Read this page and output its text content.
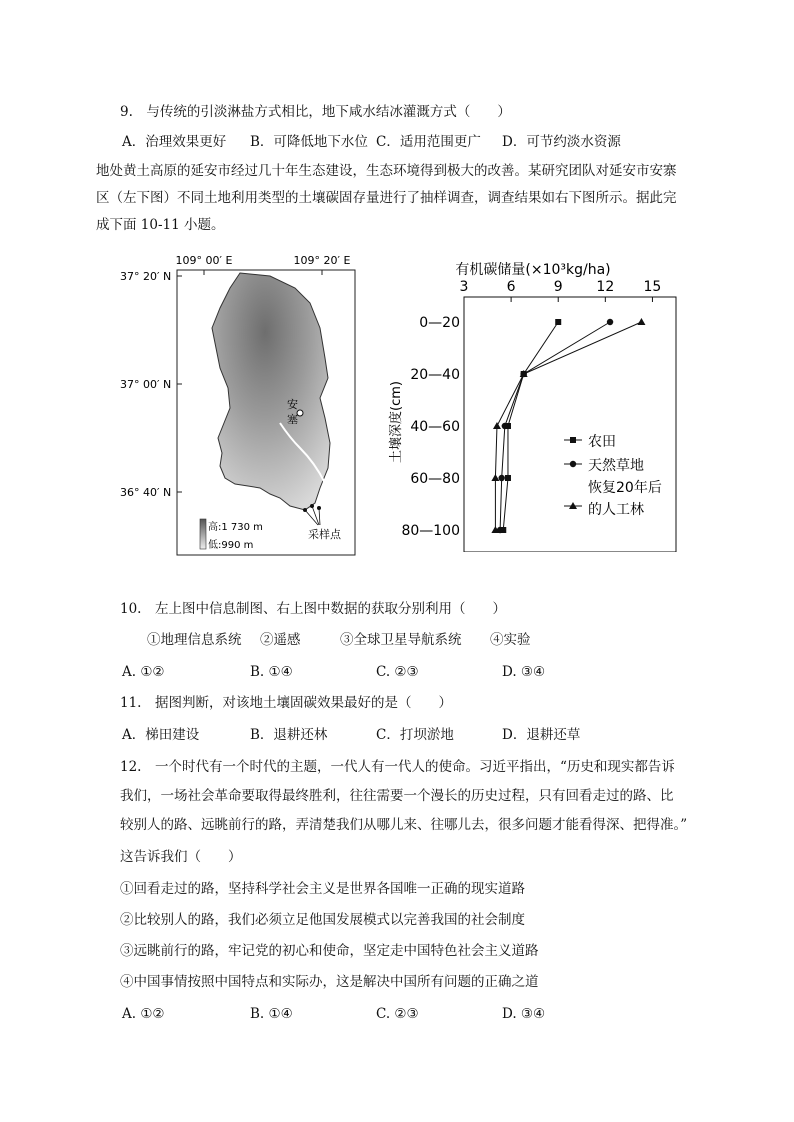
9.　与传统的引淡淋盐方式相比，地下咸水结冰灌溉方式（　　）
A．治理效果更好 B．可降低地下水位 C．适用范围更广 D．可节约淡水资源
地处黄土高原的延安市经过几十年生态建设，生态环境得到极大的改善。某研究团队对延安市安寨
区（左下图）不同土地利用类型的土壤碳固存量进行了抽样调查，调查结果如右下图所示。据此完
成下面 10-11 小题。
109° 00′ E	109° 20′ E
37° 20′ N
37° 00′ N
36° 40′ N
安
塞
采样点
高:1 730 m
低:990 m
有机碳储量(×10³kg/ha)
土壤深度(cm)
3	6	9 12 15
0—20
20—40
40—60
60—80
80—100
农田
天然草地
恢复20年后
的人工林
10.　左上图中信息制图、右上图中数据的获取分别利用（　　）
①地理信息系统 ②遥感	③全球卫星导航系统 ④实验
A. ①②	B. ①④	C. ②③	D. ③④
11.　据图判断，对该地土壤固碳效果最好的是（　　）
A．梯田建设	B．退耕还林	C．打坝淤地	D．退耕还草
12.　一个时代有一个时代的主题，一代人有一代人的使命。习近平指出，“历史和现实都告诉
我们，一场社会革命要取得最终胜利，往往需要一个漫长的历史过程，只有回看走过的路、比
较别人的路、远眺前行的路，弄清楚我们从哪儿来、往哪儿去，很多问题才能看得深、把得准。”
这告诉我们（　　）
①回看走过的路，坚持科学社会主义是世界各国唯一正确的现实道路
②比较别人的路，我们必须立足他国发展模式以完善我国的社会制度
③远眺前行的路，牢记党的初心和使命，坚定走中国特色社会主义道路
④中国事情按照中国特点和实际办，这是解决中国所有问题的正确之道
A. ①②	B. ①④	C. ②③	D. ③④
